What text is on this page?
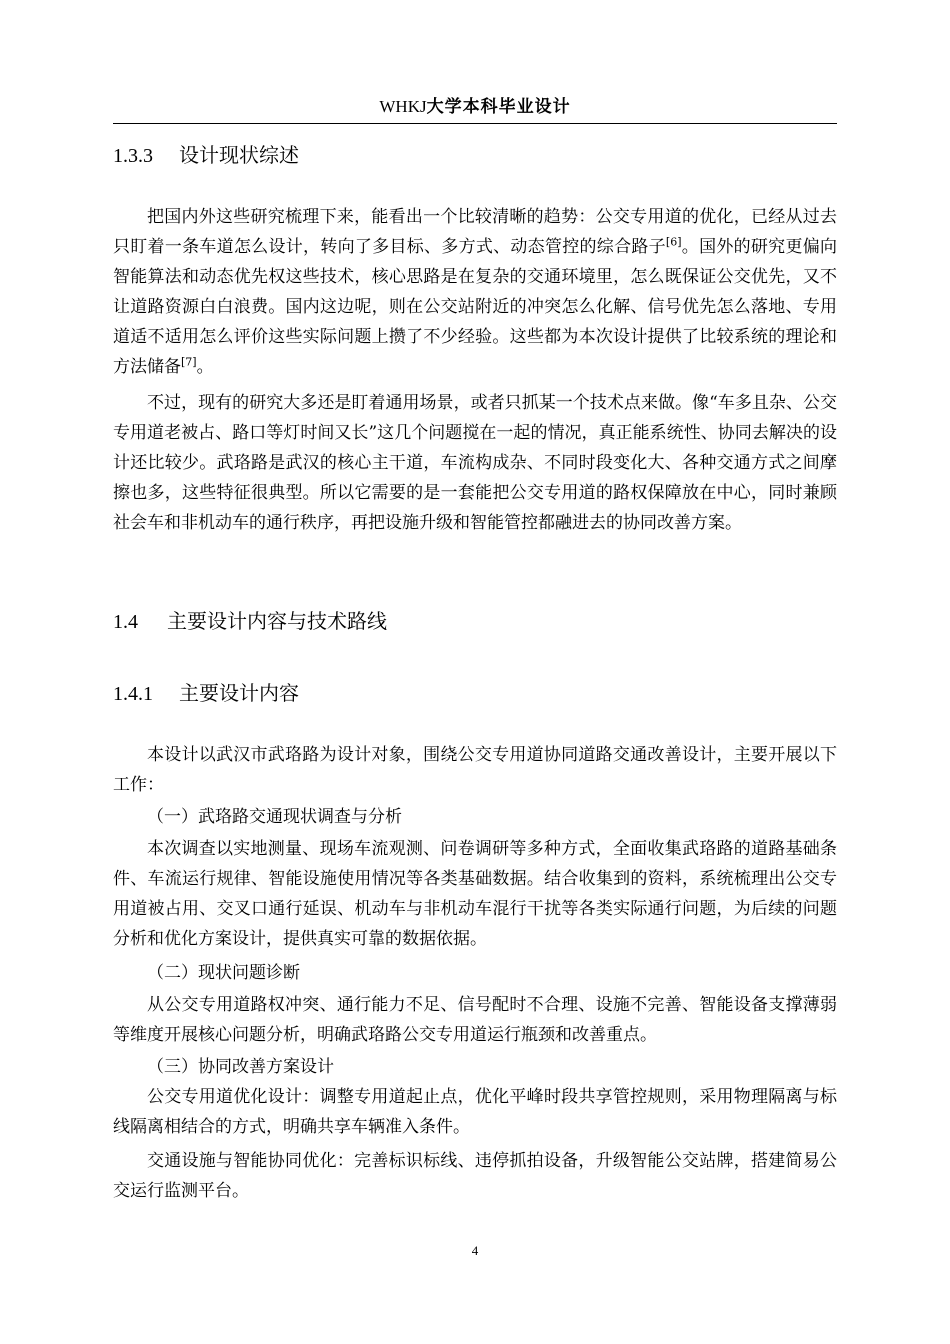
WHKJ大学本科毕业设计
1.3.3 设计现状综述

把国内外这些研究梳理下来，能看出一个比较清晰的趋势：公交专用道的优化，已经从过去只盯着一条车道怎么设计，转向了多目标、多方式、动态管控的综合路子[6]。国外的研究更偏向智能算法和动态优先权这些技术，核心思路是在复杂的交通环境里，怎么既保证公交优先，又不让道路资源白白浪费。国内这边呢，则在公交站附近的冲突怎么化解、信号优先怎么落地、专用道适不适用怎么评价这些实际问题上攒了不少经验。这些都为本次设计提供了比较系统的理论和方法储备[7]。

不过，现有的研究大多还是盯着通用场景，或者只抓某一个技术点来做。像“车多且杂、公交专用道老被占、路口等灯时间又长”这几个问题搅在一起的情况，真正能系统性、协同去解决的设计还比较少。武珞路是武汉的核心主干道，车流构成杂、不同时段变化大、各种交通方式之间摩擦也多，这些特征很典型。所以它需要的是一套能把公交专用道的路权保障放在中心，同时兼顾社会车和非机动车的通行秩序，再把设施升级和智能管控都融进去的协同改善方案。

1.4 主要设计内容与技术路线
1.4.1 主要设计内容

本设计以武汉市武珞路为设计对象，围绕公交专用道协同道路交通改善设计，主要开展以下工作：

（一）武珞路交通现状调查与分析

本次调查以实地测量、现场车流观测、问卷调研等多种方式，全面收集武珞路的道路基础条件、车流运行规律、智能设施使用情况等各类基础数据。结合收集到的资料，系统梳理出公交专用道被占用、交叉口通行延误、机动车与非机动车混行干扰等各类实际通行问题，为后续的问题分析和优化方案设计，提供真实可靠的数据依据。

（二）现状问题诊断

从公交专用道路权冲突、通行能力不足、信号配时不合理、设施不完善、智能设备支撑薄弱等维度开展核心问题分析，明确武珞路公交专用道运行瓶颈和改善重点。

（三）协同改善方案设计

公交专用道优化设计：调整专用道起止点，优化平峰时段共享管控规则，采用物理隔离与标线隔离相结合的方式，明确共享车辆准入条件。

交通设施与智能协同优化：完善标识标线、违停抓拍设备，升级智能公交站牌，搭建简易公交运行监测平台。

4
